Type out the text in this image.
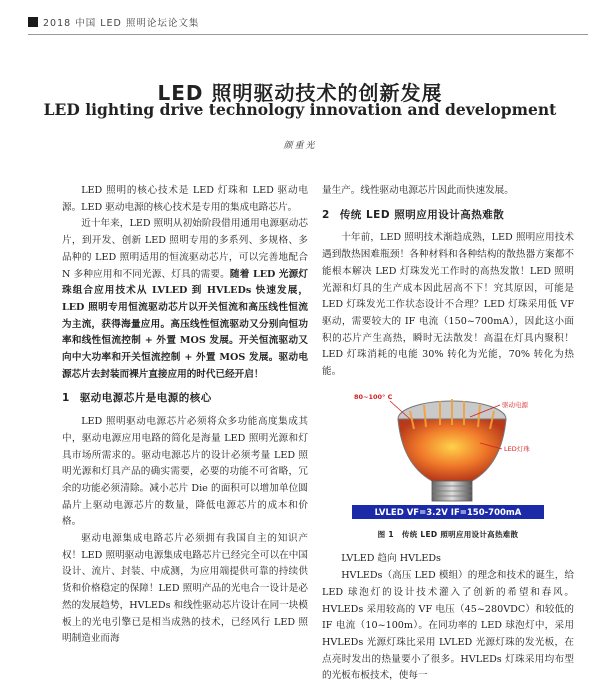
2018 中国 LED 照明论坛论文集
LED 照明驱动技术的创新发展
LED lighting drive technology innovation and development
颜重光

LED 照明的核心技术是 LED 灯珠和 LED 驱动电源。LED 驱动电源的核心技术是专用的集成电路芯片。

近十年来，LED 照明从初始阶段借用通用电源驱动芯片，到开发、创新 LED 照明专用的多系列、多规格、多品种的 LED 照明适用的恒流驱动芯片，可以完善地配合 N 多种应用和不同光源、灯具的需要。随着 LED 光源灯珠组合应用技术从 LVLED 到 HVLEDs 快速发展，LED 照明专用恒流驱动芯片以开关恒流和高压线性恒流为主流，获得海量应用。高压线性恒流驱动又分别向恒功率和线性恒流控制 + 外置 MOS 发展。开关恒流驱动又向中大功率和开关恒流控制 + 外置 MOS 发展。驱动电源芯片去封装而裸片直接应用的时代已经开启！

1 驱动电源芯片是电源的核心

LED 照明驱动电源芯片必须将众多功能高度集成其中，驱动电源应用电路的简化是海量 LED 照明光源和灯具市场所需求的。驱动电源芯片的设计必须考量 LED 照明光源和灯具产品的确实需要，必要的功能不可省略，冗余的功能必须清除。减小芯片 Die 的面积可以增加单位圆晶片上驱动电源芯片的数量，降低电源芯片的成本和价格。

驱动电源集成电路芯片必须拥有我国自主的知识产权！LED 照明驱动电源集成电路芯片已经完全可以在中国设计、流片、封装、中成测，为应用端提供可靠的持续供货和价格稳定的保障！LED 照明产品的光电合一设计是必然的发展趋势，HVLEDs 和线性驱动芯片设计在同一块模板上的光电引擎已是相当成熟的技术，已经风行 LED 照明制造业而海

量生产。线性驱动电源芯片因此而快速发展。

2 传统 LED 照明应用设计高热难散

十年前，LED 照明技术渐趋成熟，LED 照明应用技术遇到散热困难瓶颈！各种材料和各种结构的散热器方案都不能根本解决 LED 灯珠发光工作时的高热发散！LED 照明光源和灯具的生产成本因此居高不下！究其原因，可能是 LED 灯珠发光工作状态设计不合理？LED 灯珠采用低 VF 驱动，需要较大的 IF 电流（150~700mA），因此这小面积的芯片产生高热，瞬时无法散发！高温在灯具内聚积！LED 灯珠消耗的电能 30% 转化为光能，70% 转化为热能。

LVLED VF=3.2V IF=150-700mA
80~100° C
驱动电源
LED灯珠
图 1 传统 LED 照明应用设计高热难散

LVLED 趋向 HVLEDs

HVLEDs（高压 LED 模组）的理念和技术的诞生，给 LED 球泡灯的设计技术灌入了创新的希望和春风。HVLEDs 采用较高的 VF 电压（45~280VDC）和较低的 IF 电流（10~100m）。在同功率的 LED 球泡灯中，采用 HVLEDs 光源灯珠比采用 LVLED 光源灯珠的发光板，在点亮时发出的热量要小了很多。HVLEDs 灯珠采用均布型的光板布板技术，使每一
